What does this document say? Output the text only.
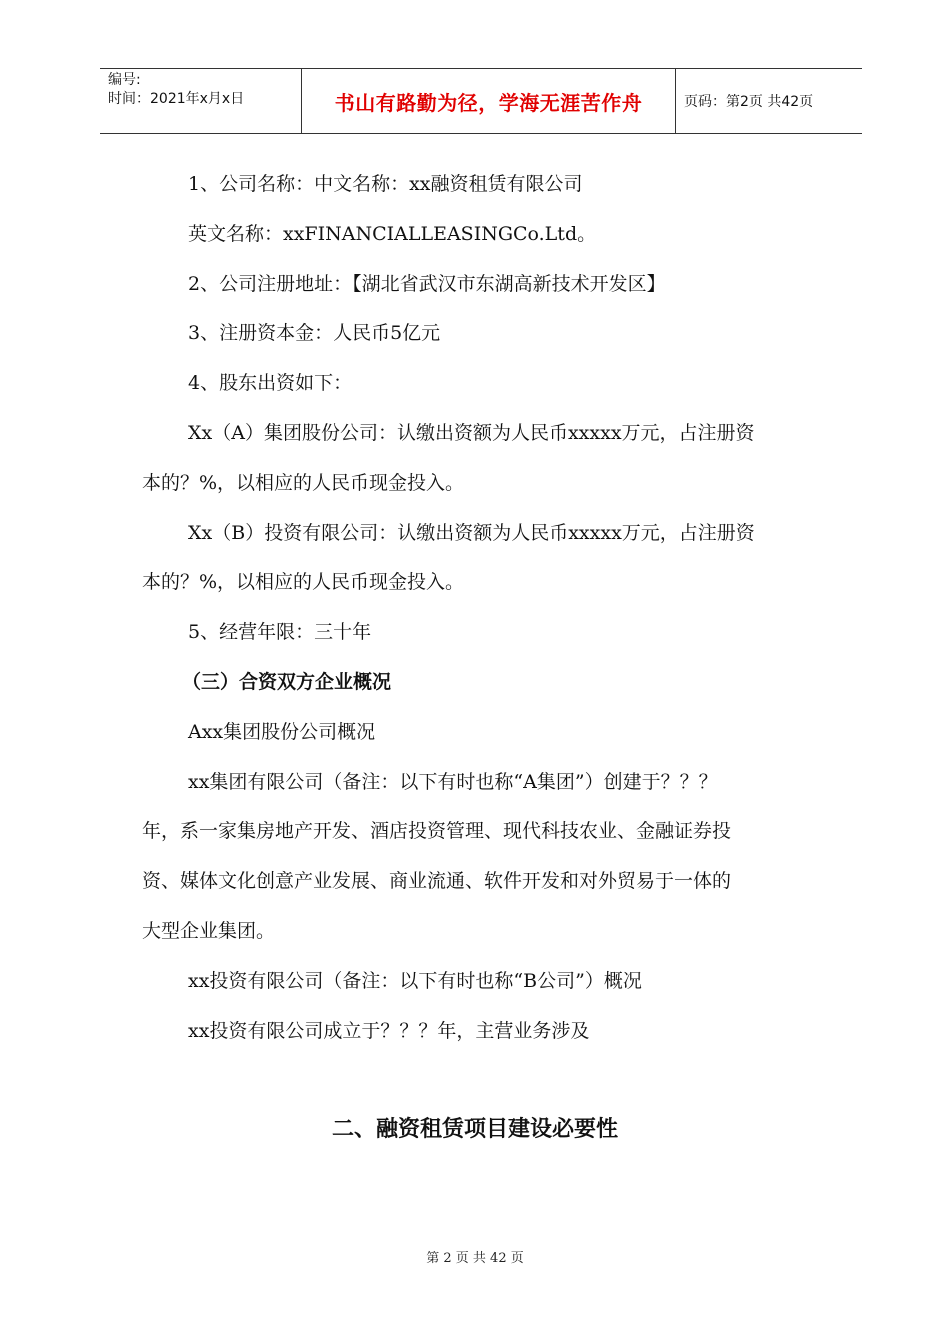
编号:
时间：2021年x月x日	书山有路勤为径，学海无涯苦作舟	页码：第2页 共42页

1、公司名称：中文名称：xx融资租赁有限公司

英文名称：xxFINANCIALLEASINGCo.Ltd。

2、公司注册地址：【湖北省武汉市东湖高新技术开发区】

3、注册资本金：人民币5亿元

4、股东出资如下：

Xx（A）集团股份公司：认缴出资额为人民币xxxxx万元，占注册资

本的？%，以相应的人民币现金投入。

Xx（B）投资有限公司：认缴出资额为人民币xxxxx万元，占注册资

本的？%，以相应的人民币现金投入。

5、经营年限：三十年

（三）合资双方企业概况

Axx集团股份公司概况

xx集团有限公司（备注：以下有时也称“A集团”）创建于？？？

年，系一家集房地产开发、酒店投资管理、现代科技农业、金融证券投

资、媒体文化创意产业发展、商业流通、软件开发和对外贸易于一体的

大型企业集团。

xx投资有限公司（备注：以下有时也称“B公司”）概况

xx投资有限公司成立于？？？年，主营业务涉及

二、融资租赁项目建设必要性
第 2 页 共 42 页
